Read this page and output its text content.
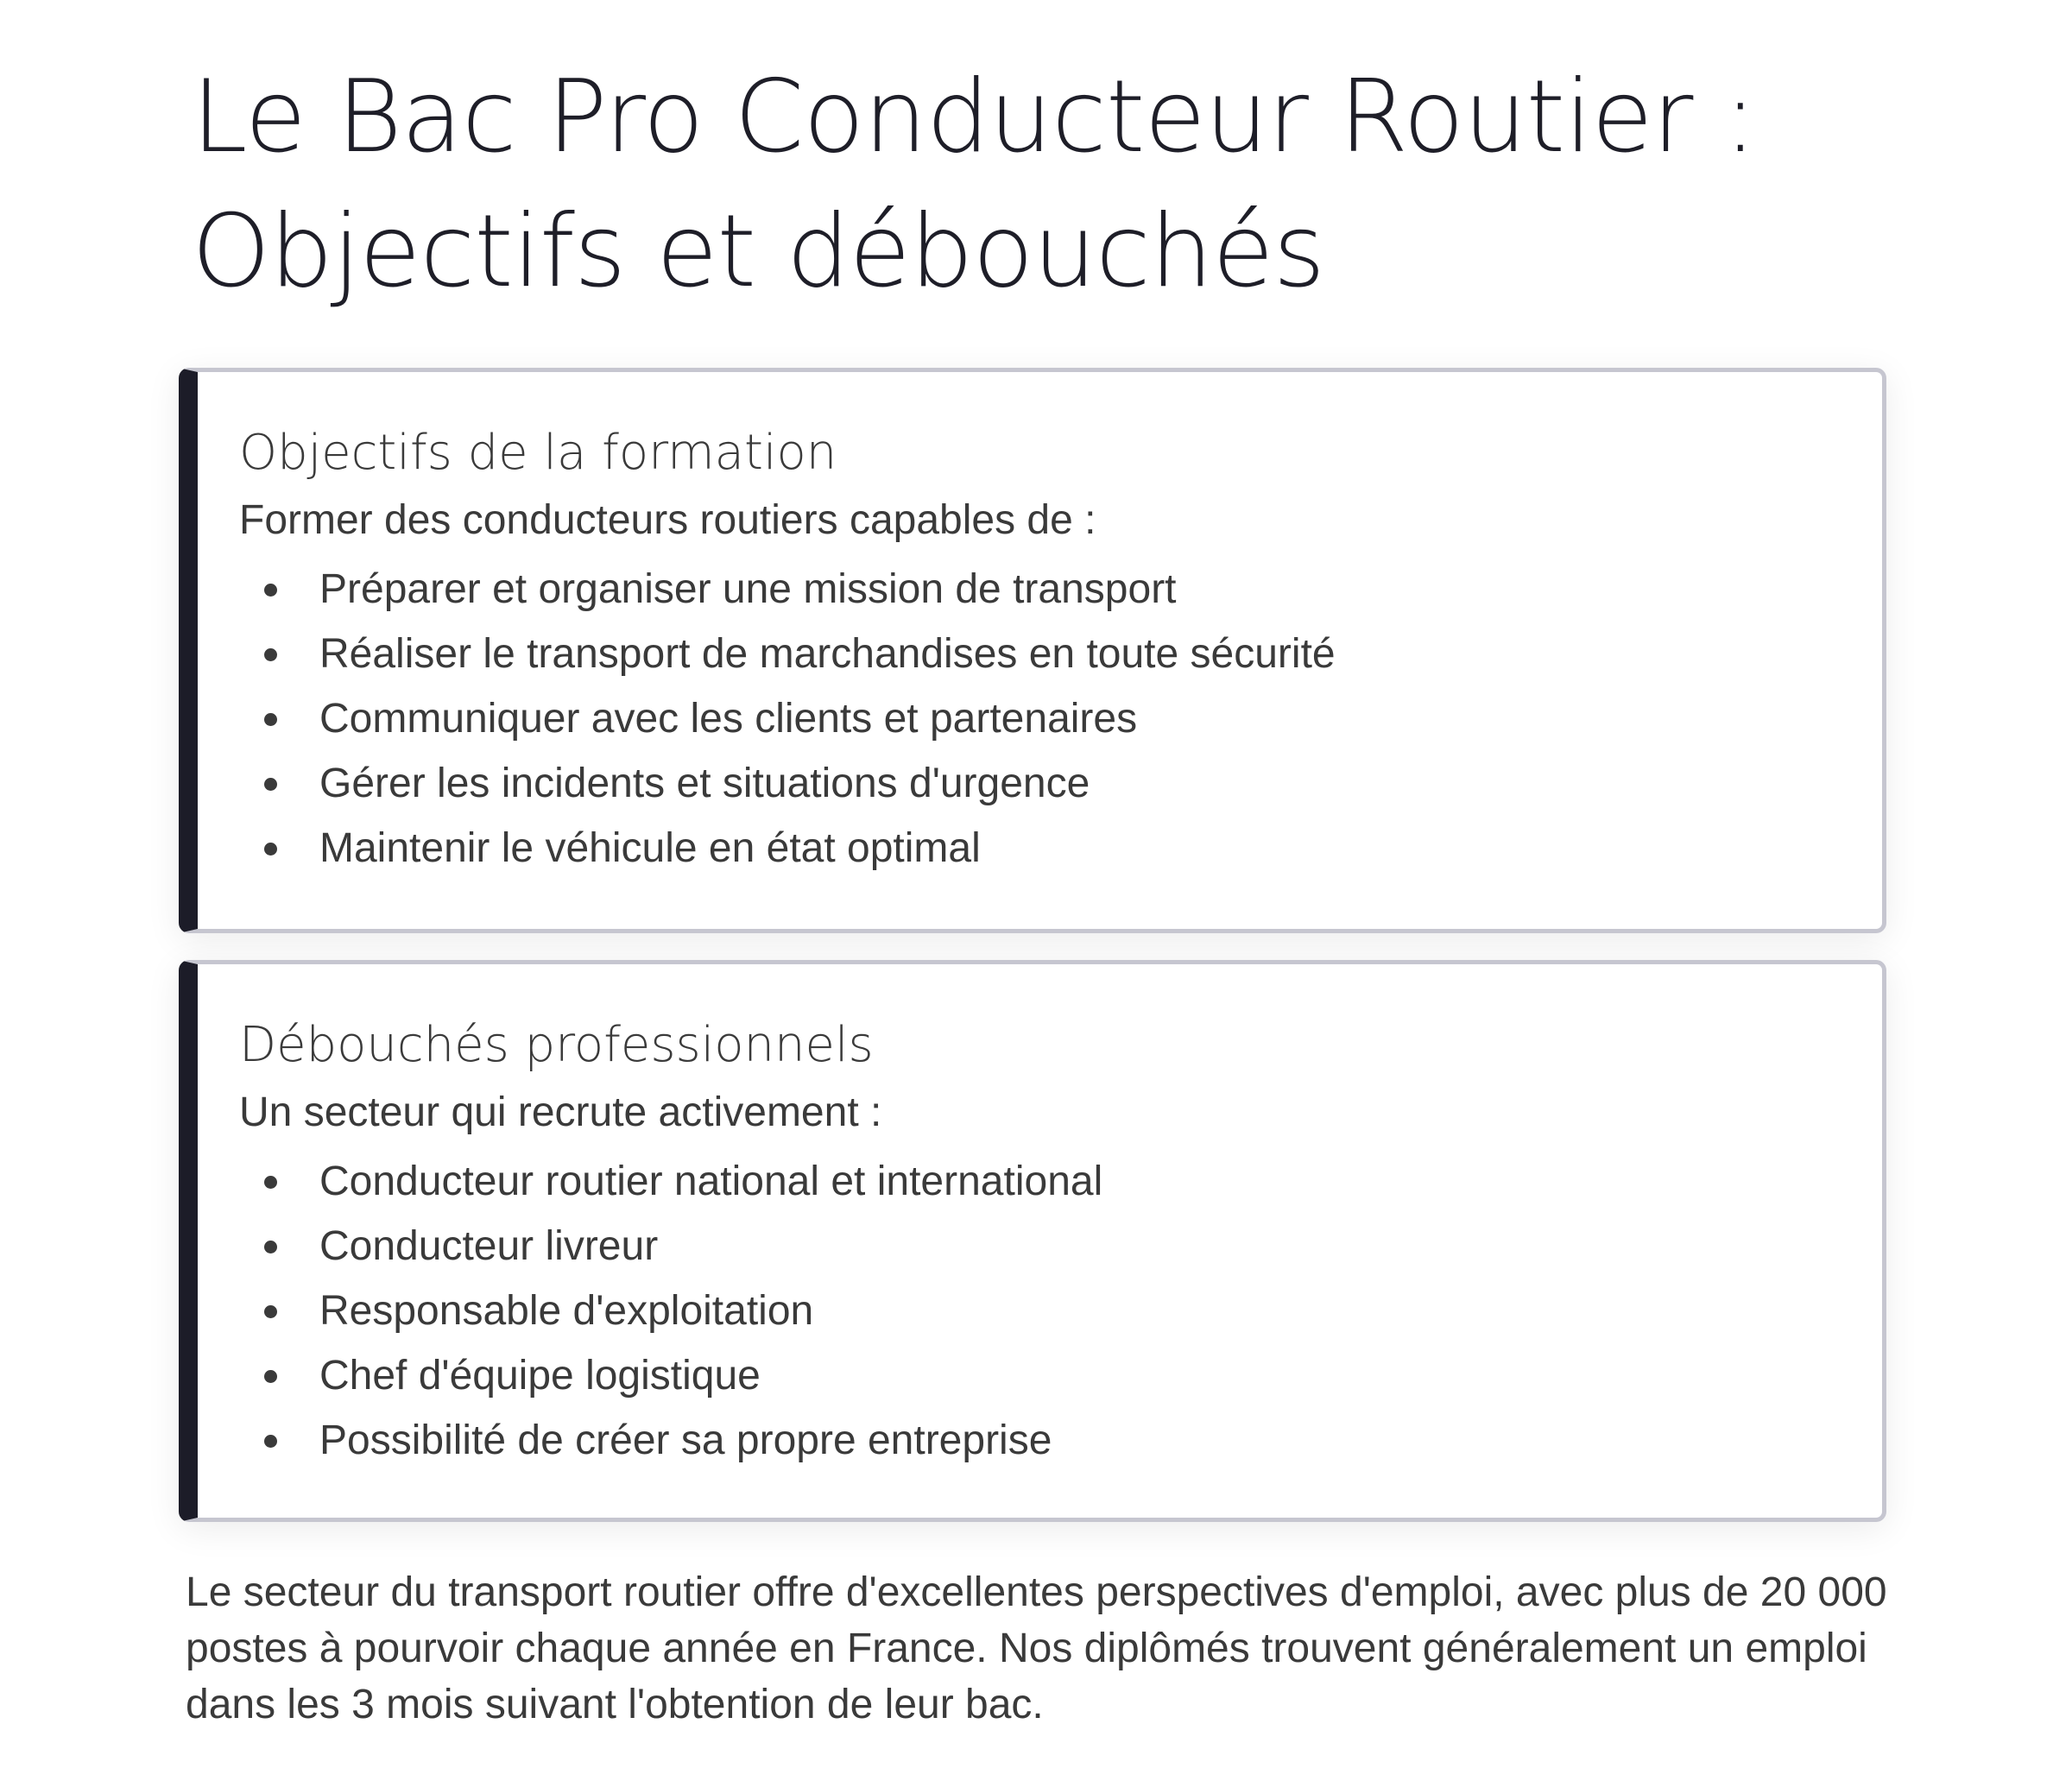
Le Bac Pro Conducteur Routier : Objectifs et débouchés
Objectifs de la formation

Former des conducteurs routiers capables de :

Préparer et organiser une mission de transport
Réaliser le transport de marchandises en toute sécurité
Communiquer avec les clients et partenaires
Gérer les incidents et situations d'urgence
Maintenir le véhicule en état optimal
Débouchés professionnels

Un secteur qui recrute activement :

Conducteur routier national et international
Conducteur livreur
Responsable d'exploitation
Chef d'équipe logistique
Possibilité de créer sa propre entreprise

Le secteur du transport routier offre d'excellentes perspectives d'emploi, avec plus de 20 000 postes à pourvoir chaque année en France. Nos diplômés trouvent généralement un emploi dans les 3 mois suivant l'obtention de leur bac.
